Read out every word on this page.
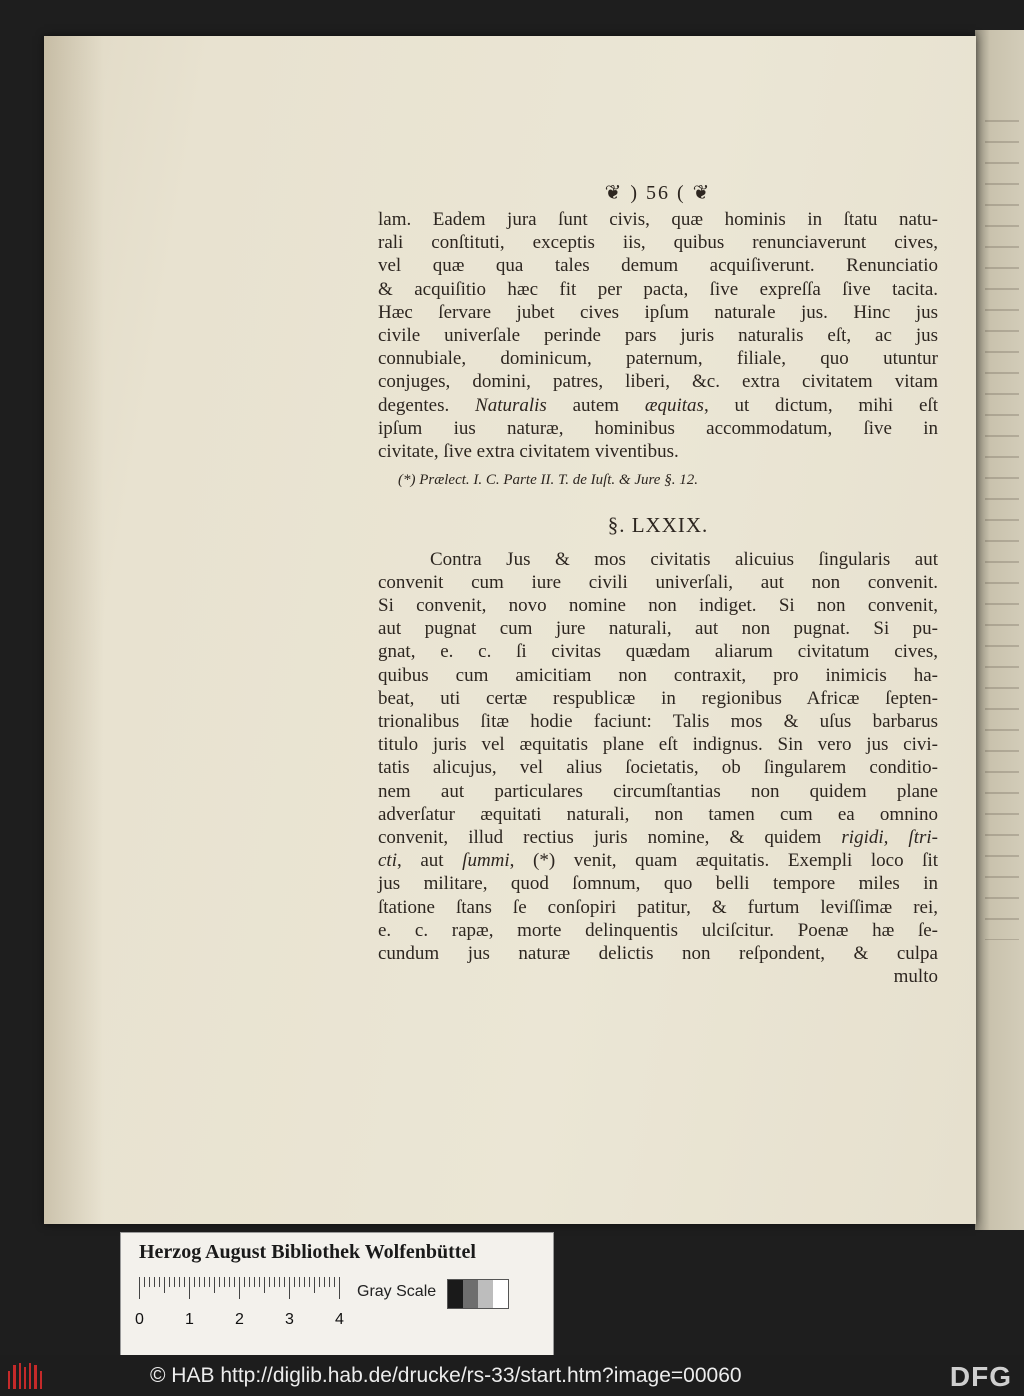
❦ ) 56 ( ❦
lam. Eadem jura ſunt civis, quæ hominis in ſtatu natu-
rali conſtituti, exceptis iis, quibus renunciaverunt cives,
vel quæ qua tales demum acquiſiverunt. Renunciatio
& acquiſitio hæc fit per pacta, ſive expreſſa ſive tacita.
Hæc ſervare jubet cives ipſum naturale jus. Hinc jus
civile univerſale perinde pars juris naturalis eſt, ac jus
connubiale, dominicum, paternum, filiale, quo utuntur
conjuges, domini, patres, liberi, &c. extra civitatem vitam
degentes. Naturalis autem æquitas, ut dictum, mihi eſt
ipſum ius naturæ, hominibus accommodatum, ſive in
civitate, ſive extra civitatem viventibus.
(*) Prælect. I. C. Parte II. T. de Iuſt. & Jure §. 12.
§. LXXIX.
Contra Jus & mos civitatis alicuius ſingularis aut
convenit cum iure civili univerſali, aut non convenit.
Si convenit, novo nomine non indiget. Si non convenit,
aut pugnat cum jure naturali, aut non pugnat. Si pu-
gnat, e. c. ſi civitas quædam aliarum civitatum cives,
quibus cum amicitiam non contraxit, pro inimicis ha-
beat, uti certæ respublicæ in regionibus Africæ ſepten-
trionalibus ſitæ hodie faciunt: Talis mos & uſus barbarus
titulo juris vel æquitatis plane eſt indignus. Sin vero jus civi-
tatis alicujus, vel alius ſocietatis, ob ſingularem conditio-
nem aut particulares circumſtantias non quidem plane
adverſatur æquitati naturali, non tamen cum ea omnino
convenit, illud rectius juris nomine, & quidem rigidi, ſtri-
cti, aut ſummi, (*) venit, quam æquitatis. Exempli loco ſit
jus militare, quod ſomnum, quo belli tempore miles in
ſtatione ſtans ſe conſopiri patitur, & furtum leviſſimæ rei,
e. c. rapæ, morte delinquentis ulciſcitur. Poenæ hæ ſe-
cundum jus naturæ delictis non reſpondent, & culpa
multo
Herzog August Bibliothek Wolfenbüttel
0	1	2	3	4
Gray Scale
© HAB http://diglib.hab.de/drucke/rs-33/start.htm?image=00060	DFG
